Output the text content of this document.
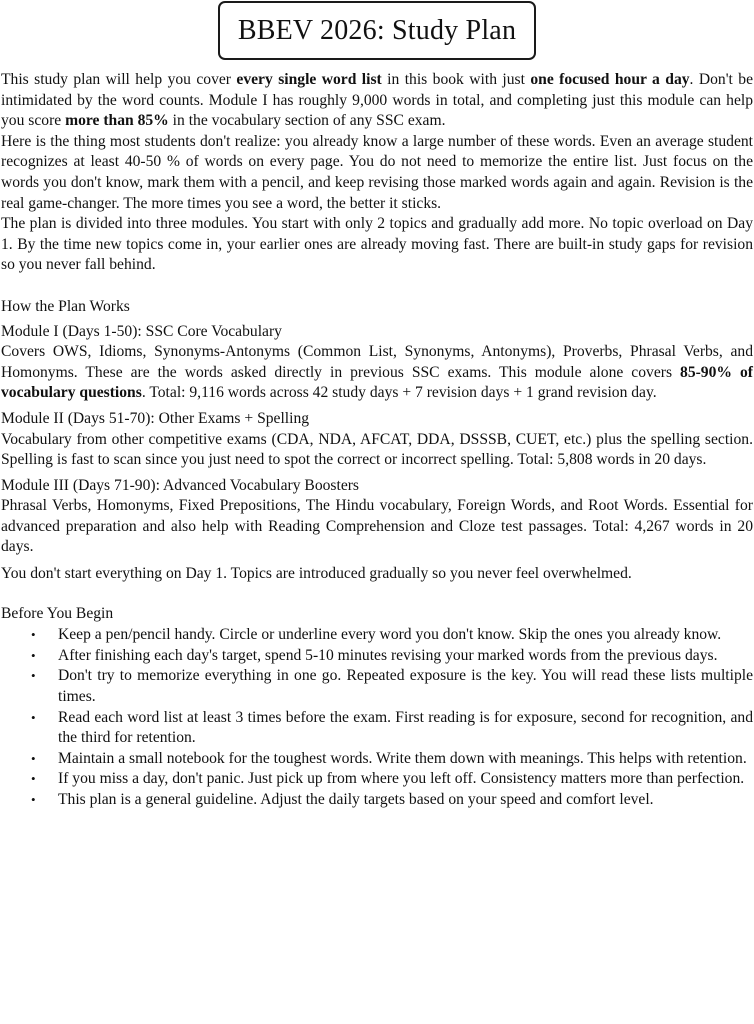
BBEV 2026: Study Plan

This study plan will help you cover every single word list in this book with just one focused hour a day. Don't be intimidated by the word counts. Module I has roughly 9,000 words in total, and completing just this module can help you score more than 85% in the vocabulary section of any SSC exam.

Here is the thing most students don't realize: you already know a large number of these words. Even an average student recognizes at least 40-50 % of words on every page. You do not need to memorize the entire list. Just focus on the words you don't know, mark them with a pencil, and keep revising those marked words again and again. Revision is the real game-changer. The more times you see a word, the better it sticks.

The plan is divided into three modules. You start with only 2 topics and gradually add more. No topic overload on Day 1. By the time new topics come in, your earlier ones are already moving fast. There are built-in study gaps for revision so you never fall behind.

How the Plan Works
Module I (Days 1-50): SSC Core Vocabulary

Covers OWS, Idioms, Synonyms-Antonyms (Common List, Synonyms, Antonyms), Proverbs, Phrasal Verbs, and Homonyms. These are the words asked directly in previous SSC exams. This module alone covers 85-90% of vocabulary questions. Total: 9,116 words across 42 study days + 7 revision days + 1 grand revision day.

Module II (Days 51-70): Other Exams + Spelling

Vocabulary from other competitive exams (CDA, NDA, AFCAT, DDA, DSSSB, CUET, etc.) plus the spelling section. Spelling is fast to scan since you just need to spot the correct or incorrect spelling. Total: 5,808 words in 20 days.

Module III (Days 71-90): Advanced Vocabulary Boosters

Phrasal Verbs, Homonyms, Fixed Prepositions, The Hindu vocabulary, Foreign Words, and Root Words. Essential for advanced preparation and also help with Reading Comprehension and Cloze test passages. Total: 4,267 words in 20 days.

You don't start everything on Day 1. Topics are introduced gradually so you never feel overwhelmed.

Before You Begin
• Keep a pen/pencil handy. Circle or underline every word you don't know. Skip the ones you already know.
• After finishing each day's target, spend 5-10 minutes revising your marked words from the previous days.
• Don't try to memorize everything in one go. Repeated exposure is the key. You will read these lists multiple times.
• Read each word list at least 3 times before the exam. First reading is for exposure, second for recognition, and the third for retention.
• Maintain a small notebook for the toughest words. Write them down with meanings. This helps with retention.
• If you miss a day, don't panic. Just pick up from where you left off. Consistency matters more than perfection.
• This plan is a general guideline. Adjust the daily targets based on your speed and comfort level.
